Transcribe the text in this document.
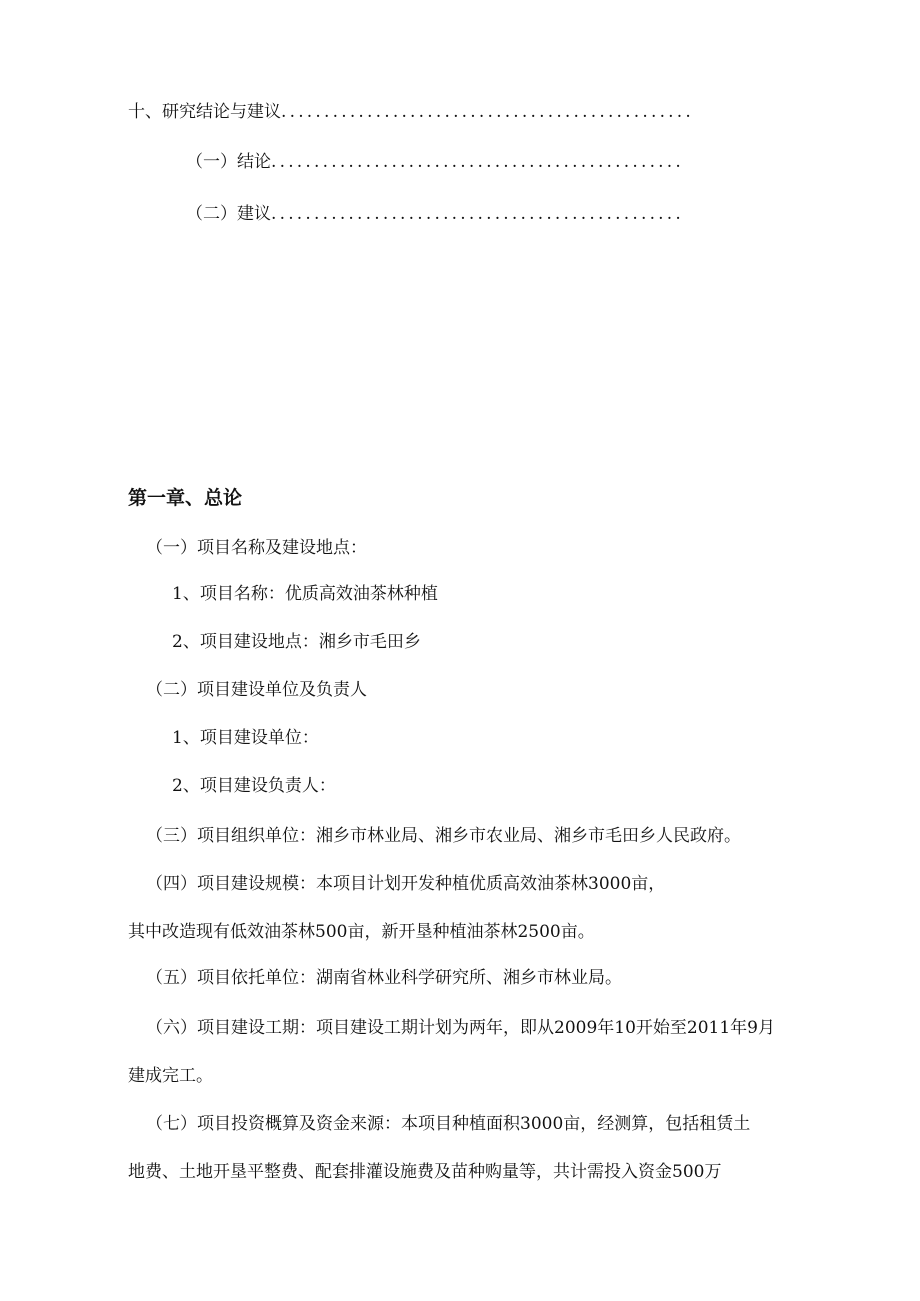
十、研究结论与建议 ................................................
（一）结论 ................................................
（二）建议 ................................................
第一章、总论
（一）项目名称及建设地点：
1、项目名称：优质高效油茶林种植
2、项目建设地点：湘乡市毛田乡
（二）项目建设单位及负责人
1、项目建设单位：
2、项目建设负责人：
（三）项目组织单位：湘乡市林业局、湘乡市农业局、湘乡市毛田乡人民政府。
（四）项目建设规模：本项目计划开发种植优质高效油茶林3000亩，
其中改造现有低效油茶林500亩，新开垦种植油茶林2500亩。
（五）项目依托单位：湖南省林业科学研究所、湘乡市林业局。
（六）项目建设工期：项目建设工期计划为两年，即从2009年10开始至2011年9月
建成完工。
（七）项目投资概算及资金来源：本项目种植面积3000亩，经测算，包括租赁土
地费、土地开垦平整费、配套排灌设施费及苗种购量等，共计需投入资金500万
